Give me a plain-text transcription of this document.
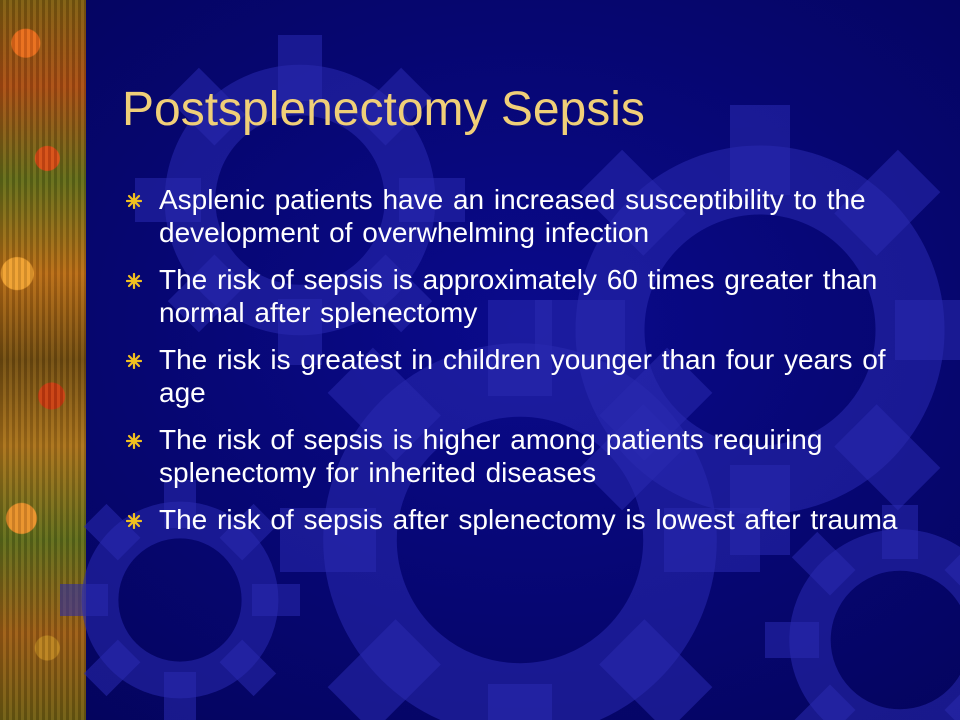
Postsplenectomy Sepsis
Asplenic patients have an increased susceptibility to the development of overwhelming infection
The risk of sepsis is approximately 60 times greater than normal after splenectomy
The risk is greatest in children younger than four years of age
The risk of sepsis is higher among patients requiring splenectomy for inherited diseases
The risk of sepsis after splenectomy is lowest after trauma
